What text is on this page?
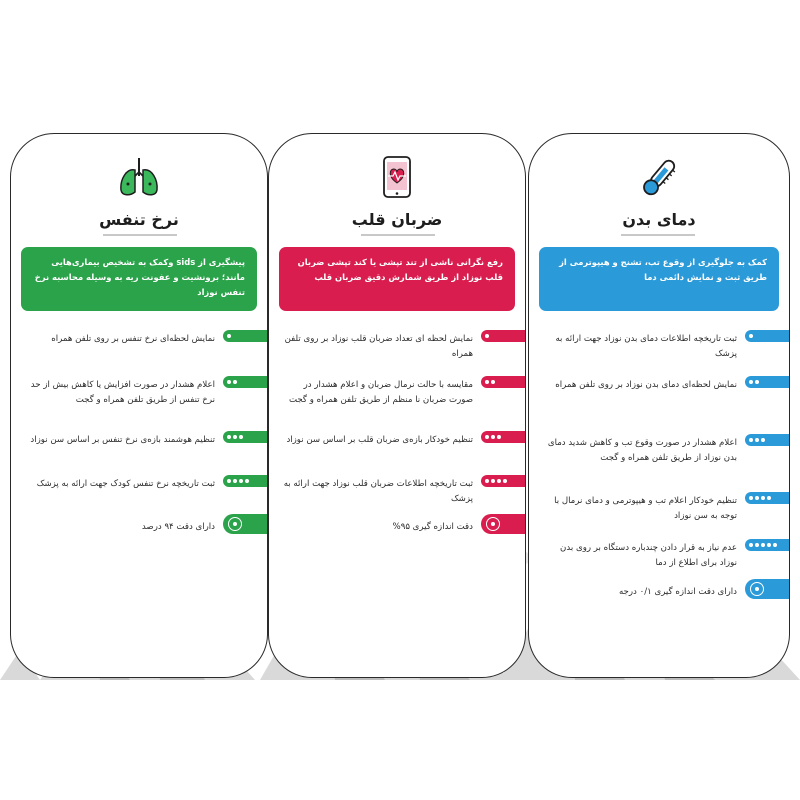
نرخ تنفس
پیشگیری از sids وکمک به تشخیص بیماری‌هایی مانند؛ برونشیت و عفونت ریه به وسیله محاسبه نرخ تنفس نوزاد
نمایش لحظه‌ای نرخ تنفس بر روی تلفن همراه
اعلام هشدار در صورت افزایش یا کاهش بیش از حد نرخ تنفس از طریق تلفن همراه و گجت
تنظیم هوشمند بازه‌ی نرخ تنفس بر اساس سن نوزاد
ثبت تاریخچه نرخ تنفس کودک جهت ارائه به پزشک
دارای دقت ۹۴ درصد
ضربان قلب
رفع نگرانی ناشی از تند تپشی یا کند تپشی ضربان قلب نوزاد از طریق شمارش دقیق ضربان قلب
نمایش لحظه ای تعداد ضربان قلب نوزاد بر روی تلفن همراه
مقایسه با حالت نرمال ضربان و اعلام هشدار در صورت ضربان نا منظم از طریق تلفن همراه و گجت
تنظیم خودکار بازه‌ی ضربان قلب بر اساس سن نوزاد
ثبت تاریخچه اطلاعات ضربان قلب نوزاد جهت ارائه به پزشک
دقت اندازه گیری ۹۵%
دمای بدن
کمک به جلوگیری از وقوع تب، تشنج و هیپوترمی از طریق ثبت و نمایش دائمی دما
ثبت تاریخچه اطلاعات دمای بدن نوزاد جهت ارائه به پزشک
نمایش لحظه‌ای دمای بدن نوزاد بر روی تلفن همراه
اعلام هشدار در صورت وقوع تب و کاهش شدید دمای بدن نوزاد از طریق تلفن همراه و گجت
تنظیم خودکار اعلام تب و هیپوترمی و دمای نرمال با توجه به سن نوزاد
عدم نیاز به قرار دادن چندباره دستگاه بر روی بدن نوزاد برای اطلاع از دما
دارای دقت اندازه گیری ۰/۱ درجه
